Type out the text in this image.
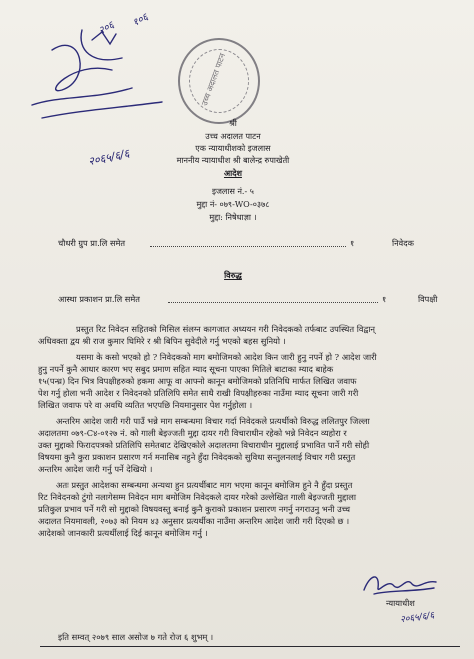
२०६ १०६
उच्च अदालत पाटन
२०६५/६/६
श्री
उच्च अदालत पाटन
एक न्यायाधीशको इजलास
माननीय न्यायाधीश श्री बालेन्द्र रुपाखेती
आदेश
इजलास नं.- ५
मुद्दा नं- ०७९-WO-०३७८
मुद्दा: निषेधाज्ञा ।
चौधरी ग्रुप प्रा.लि समेत	१	निवेदक
विरुद्ध
आस्था प्रकाशन प्रा.लि समेत	१	विपक्षी
प्रस्तुत रिट निवेदन सहितको मिसिल संलग्न कागजात अध्ययन गरी निवेदकको तर्फबाट उपस्थित विद्वान्
अधिवक्ता द्वय श्री राज कुमार घिमिरे र श्री बिपिन सुवेदीले गर्नु भएको बहस सुनियो ।
यसमा के कसो भएको हो ? निवेदकको माग बमोजिमको आदेश किन जारी हुनु नपर्ने हो ? आदेश जारी
हुनु नपर्ने कुनै आधार कारण भए सबुद प्रमाण सहित म्याद सूचना पाएका मितिले बाटाका म्याद बाहेक
१५(पन्ध्र) दिन भित्र विपक्षीहरुको हकमा आफू वा आफ्नो कानून बमोजिमको प्रतिनिधि मार्फत लिखित जवाफ
पेश गर्नु होला भनी आदेश र निवेदनको प्रतिलिपि समेत साथै राखी विपक्षीहरुका नाउँमा म्याद सूचना जारी गरी
लिखित जवाफ परे वा अवधि व्यतित भएपछि नियमानुसार पेश गर्नुहोला ।
अन्तरिम आदेश जारी गरी पाउँ भन्ने माग सम्बन्धमा विचार गर्दा निवेदकले प्रत्यर्थीको विरुद्ध ललितपुर जिल्ला
अदालतमा ०७९-C४-०१२७ नं. को गाली बेइज्जती मुद्दा दायर गरी विचाराधीन रहेको भन्ने निवेदन व्यहोरा र
उक्त मुद्दाको फिरादपत्रको प्रतिलिपि समेतबाट देखिएकोले अदालतमा विचाराधीन मुद्दालाई प्रभावित पार्ने गरी सोही
विषयमा कुनै कुरा प्रकाशन प्रसारण गर्न मनासिब नहुने हुँदा निवेदकको सुविधा सन्तुलनलाई विचार गरी प्रस्तुत
अन्तरिम आदेश जारी गर्नु पर्ने देखियो ।
अतः प्रस्तुत आदेशका सम्बन्धमा अन्यथा हुन प्रत्यर्थीबाट माग भएमा कानून बमोजिम हुने नै हुँदा प्रस्तुत
रिट निवेदनको टुंगो नलागेसम्म निवेदन माग बमोजिम निवेदकले दायर गरेको उल्लेखित गाली बेइज्जती मुद्दाला
प्रतिकुल प्रभाव पर्ने गरी सो मुद्दाको विषयवस्तु बनाई कुनै कुराको प्रकाशन प्रसारण नगर्नु नगराउनु भनी उच्च
अदालत नियमावली, २०७३ को नियम ४३ अनुसार प्रत्यर्थीका नाउँमा अन्तरिम आदेश जारी गरी दिएको छ ।
आदेशको जानकारी प्रत्यर्थीलाई दिई कानून बमोजिम गर्नु ।
न्यायाधीश
२०६५/६/६
इति सम्वत् २०७९ साल असोज ७ गते रोज ६ शुभम् ।
